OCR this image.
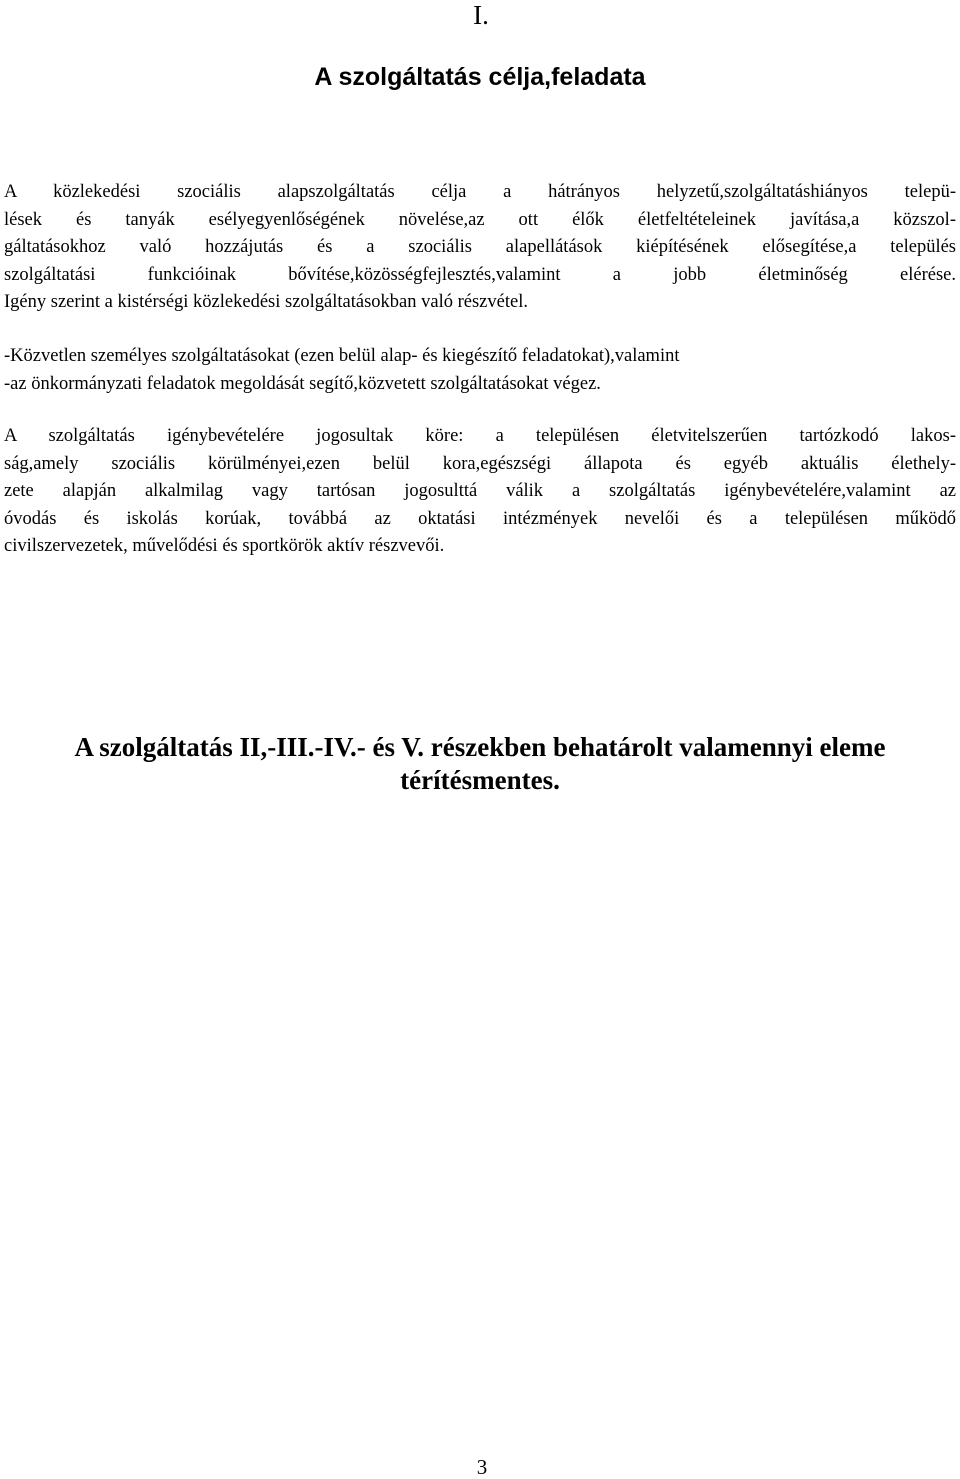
I.
A szolgáltatás célja,feladata
A közlekedési szociális alapszolgáltatás célja a hátrányos helyzetű,szolgáltatáshiányos telepü-
lések és tanyák esélyegyenlőségének növelése,az ott élők életfeltételeinek javítása,a közszol-
gáltatásokhoz való hozzájutás és a szociális alapellátások kiépítésének elősegítése,a település
szolgáltatási funkcióinak bővítése,közösségfejlesztés,valamint a jobb életminőség elérése.
Igény szerint a kistérségi közlekedési szolgáltatásokban való részvétel.
-Közvetlen személyes szolgáltatásokat (ezen belül alap- és kiegészítő feladatokat),valamint
-az önkormányzati feladatok megoldását segítő,közvetett szolgáltatásokat végez.
A szolgáltatás igénybevételére jogosultak köre: a településen életvitelszerűen tartózkodó lakos-
ság,amely szociális körülményei,ezen belül kora,egészségi állapota és egyéb aktuális élethely-
zete alapján alkalmilag vagy tartósan jogosulttá válik a szolgáltatás igénybevételére,valamint az
óvodás és iskolás korúak, továbbá az oktatási intézmények nevelői és a településen működő
civilszervezetek, művelődési és sportkörök aktív részvevői.
A szolgáltatás II,-III.-IV.- és V. részekben behatárolt valamennyi eleme
térítésmentes.
3
